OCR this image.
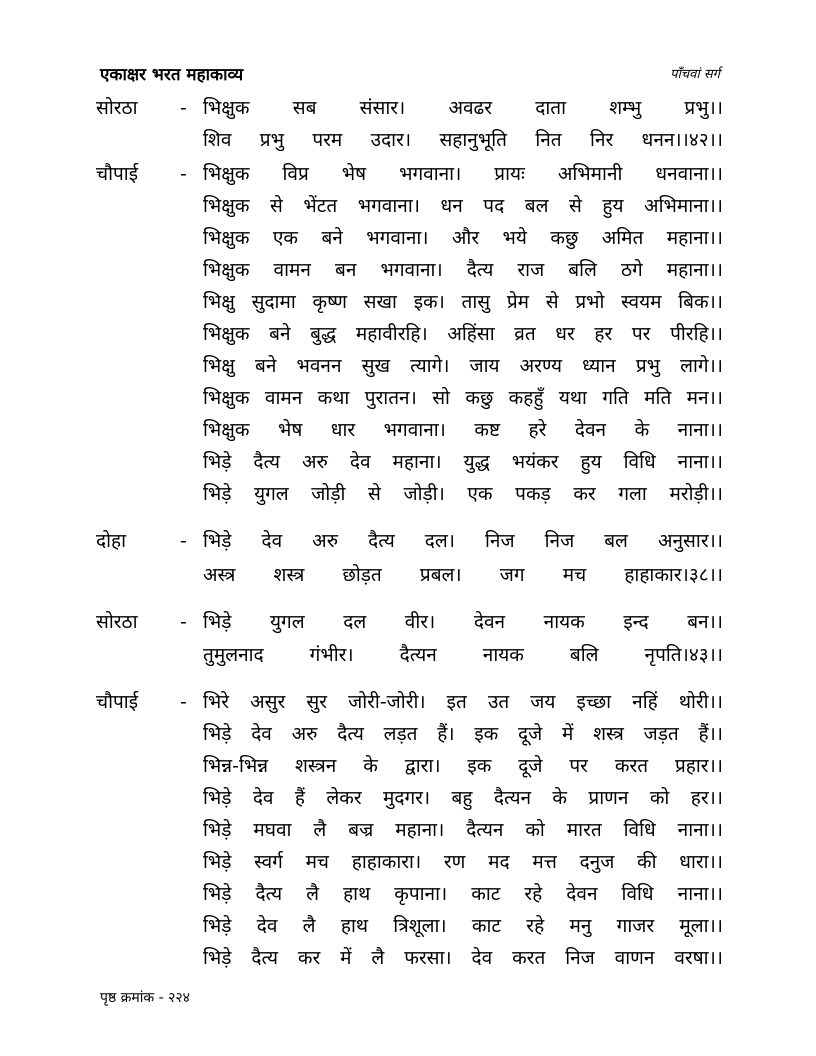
एकाक्षर भरत महाकाव्य	पाँचवां सर्ग
सोरठा - भिक्षुक सब संसार। अवढर दाता शम्भु प्रभु।।
शिव प्रभु परम उदार। सहानुभूति नित निर धनन।।४२।।
चौपाई - भिक्षुक विप्र भेष भगवाना। प्रायः अभिमानी धनवाना।।
भिक्षुक से भेंटत भगवाना। धन पद बल से हुय अभिमाना।।
भिक्षुक एक बने भगवाना। और भये कछु अमित महाना।।
भिक्षुक वामन बन भगवाना। दैत्य राज बलि ठगे महाना।।
भिक्षु सुदामा कृष्ण सखा इक। तासु प्रेम से प्रभो स्वयम बिक।।
भिक्षुक बने बुद्ध महावीरहि। अहिंसा व्रत धर हर पर पीरहि।।
भिक्षु बने भवनन सुख त्यागे। जाय अरण्य ध्यान प्रभु लागे।।
भिक्षुक वामन कथा पुरातन। सो कछु कहहुँ यथा गति मति मन।।
भिक्षुक भेष धार भगवाना। कष्ट हरे देवन के नाना।।
भिड़े दैत्य अरु देव महाना। युद्ध भयंकर हुय विधि नाना।।
भिड़े युगल जोड़ी से जोड़ी। एक पकड़ कर गला मरोड़ी।।
दोहा	- भिड़े देव अरु दैत्य दल। निज निज बल अनुसार।।
अस्त्र शस्त्र छोड़त प्रबल। जग मच हाहाकार।३८।।
सोरठा - भिड़े युगल दल वीर। देवन नायक इन्द बन।।
तुमुलनाद गंभीर। दैत्यन नायक बलि नृपति।४३।।
चौपाई - भिरे असुर सुर जोरी-जोरी। इत उत जय इच्छा नहिं थोरी।।
भिड़े देव अरु दैत्य लड़त हैं। इक दूजे में शस्त्र जड़त हैं।।
भिन्न-भिन्न शस्त्रन के द्वारा। इक दूजे पर करत प्रहार।।
भिड़े देव हैं लेकर मुदगर। बहु दैत्यन के प्राणन को हर।।
भिड़े मघवा लै बज्र महाना। दैत्यन को मारत विधि नाना।।
भिड़े स्वर्ग मच हाहाकारा। रण मद मत्त दनुज की धारा।।
भिड़े दैत्य लै हाथ कृपाना। काट रहे देवन विधि नाना।।
भिड़े देव लै हाथ त्रिशूला। काट रहे मनु गाजर मूला।।
भिड़े दैत्य कर में लै फरसा। देव करत निज वाणन वरषा।।
पृष्ठ क्रमांक - २२४
